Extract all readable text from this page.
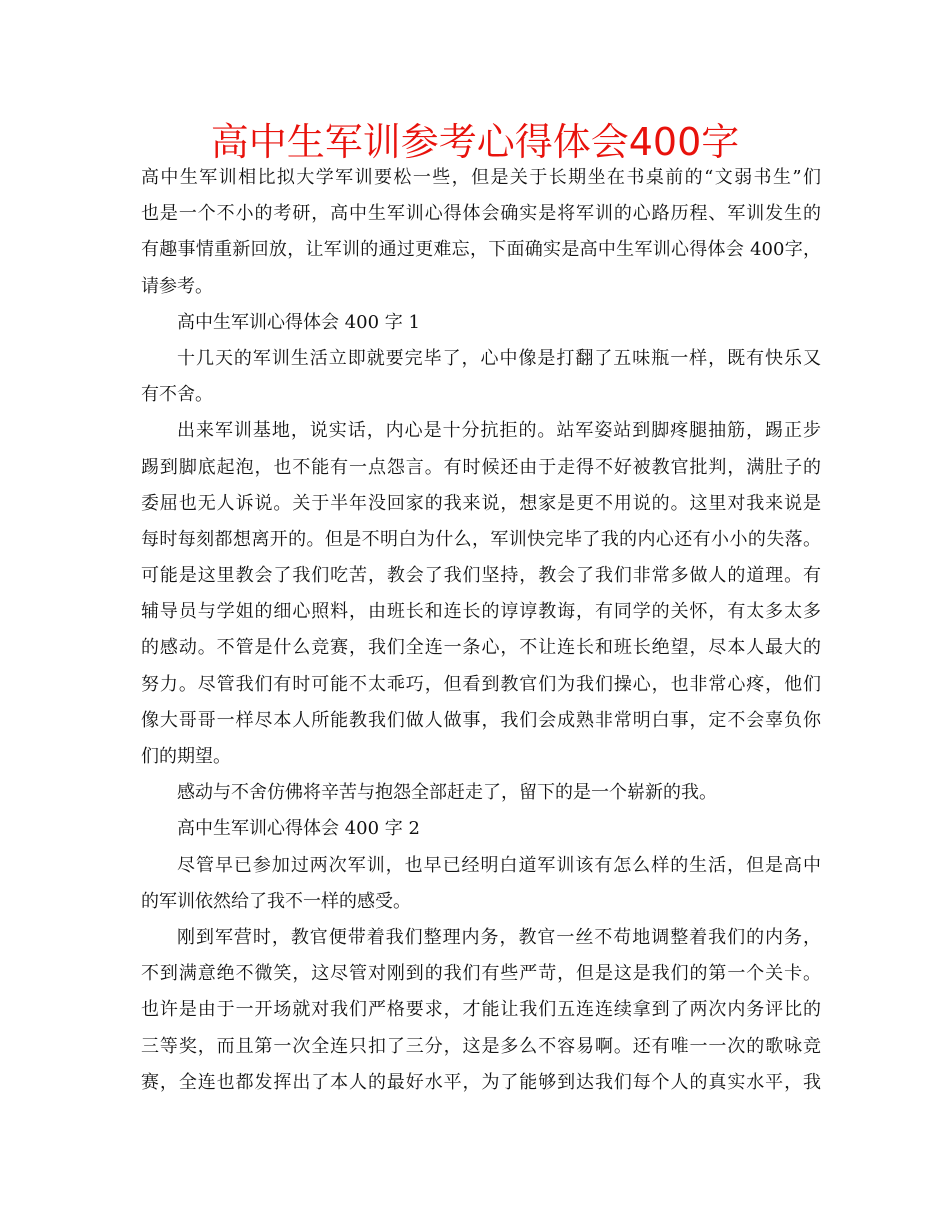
高中生军训参考心得体会400字
高中生军训相比拟大学军训要松一些，但是关于长期坐在书桌前的“文弱书生”们
也是一个不小的考研，高中生军训心得体会确实是将军训的心路历程、军训发生的
有趣事情重新回放，让军训的通过更难忘，下面确实是高中生军训心得体会 400字，
请参考。
高中生军训心得体会 400 字 1
十几天的军训生活立即就要完毕了，心中像是打翻了五味瓶一样，既有快乐又
有不舍。
出来军训基地，说实话，内心是十分抗拒的。站军姿站到脚疼腿抽筋，踢正步
踢到脚底起泡，也不能有一点怨言。有时候还由于走得不好被教官批判，满肚子的
委屈也无人诉说。关于半年没回家的我来说，想家是更不用说的。这里对我来说是
每时每刻都想离开的。但是不明白为什么，军训快完毕了我的内心还有小小的失落。
可能是这里教会了我们吃苦，教会了我们坚持，教会了我们非常多做人的道理。有
辅导员与学姐的细心照料，由班长和连长的谆谆教诲，有同学的关怀，有太多太多
的感动。不管是什么竞赛，我们全连一条心，不让连长和班长绝望，尽本人最大的
努力。尽管我们有时可能不太乖巧，但看到教官们为我们操心，也非常心疼，他们
像大哥哥一样尽本人所能教我们做人做事，我们会成熟非常明白事，定不会辜负你
们的期望。
感动与不舍仿佛将辛苦与抱怨全部赶走了，留下的是一个崭新的我。
高中生军训心得体会 400 字 2
尽管早已参加过两次军训，也早已经明白道军训该有怎么样的生活，但是高中
的军训依然给了我不一样的感受。
刚到军营时，教官便带着我们整理内务，教官一丝不苟地调整着我们的内务，
不到满意绝不微笑，这尽管对刚到的我们有些严苛，但是这是我们的第一个关卡。
也许是由于一开场就对我们严格要求，才能让我们五连连续拿到了两次内务评比的
三等奖，而且第一次全连只扣了三分，这是多么不容易啊。还有唯一一次的歌咏竞
赛，全连也都发挥出了本人的最好水平，为了能够到达我们每个人的真实水平，我
